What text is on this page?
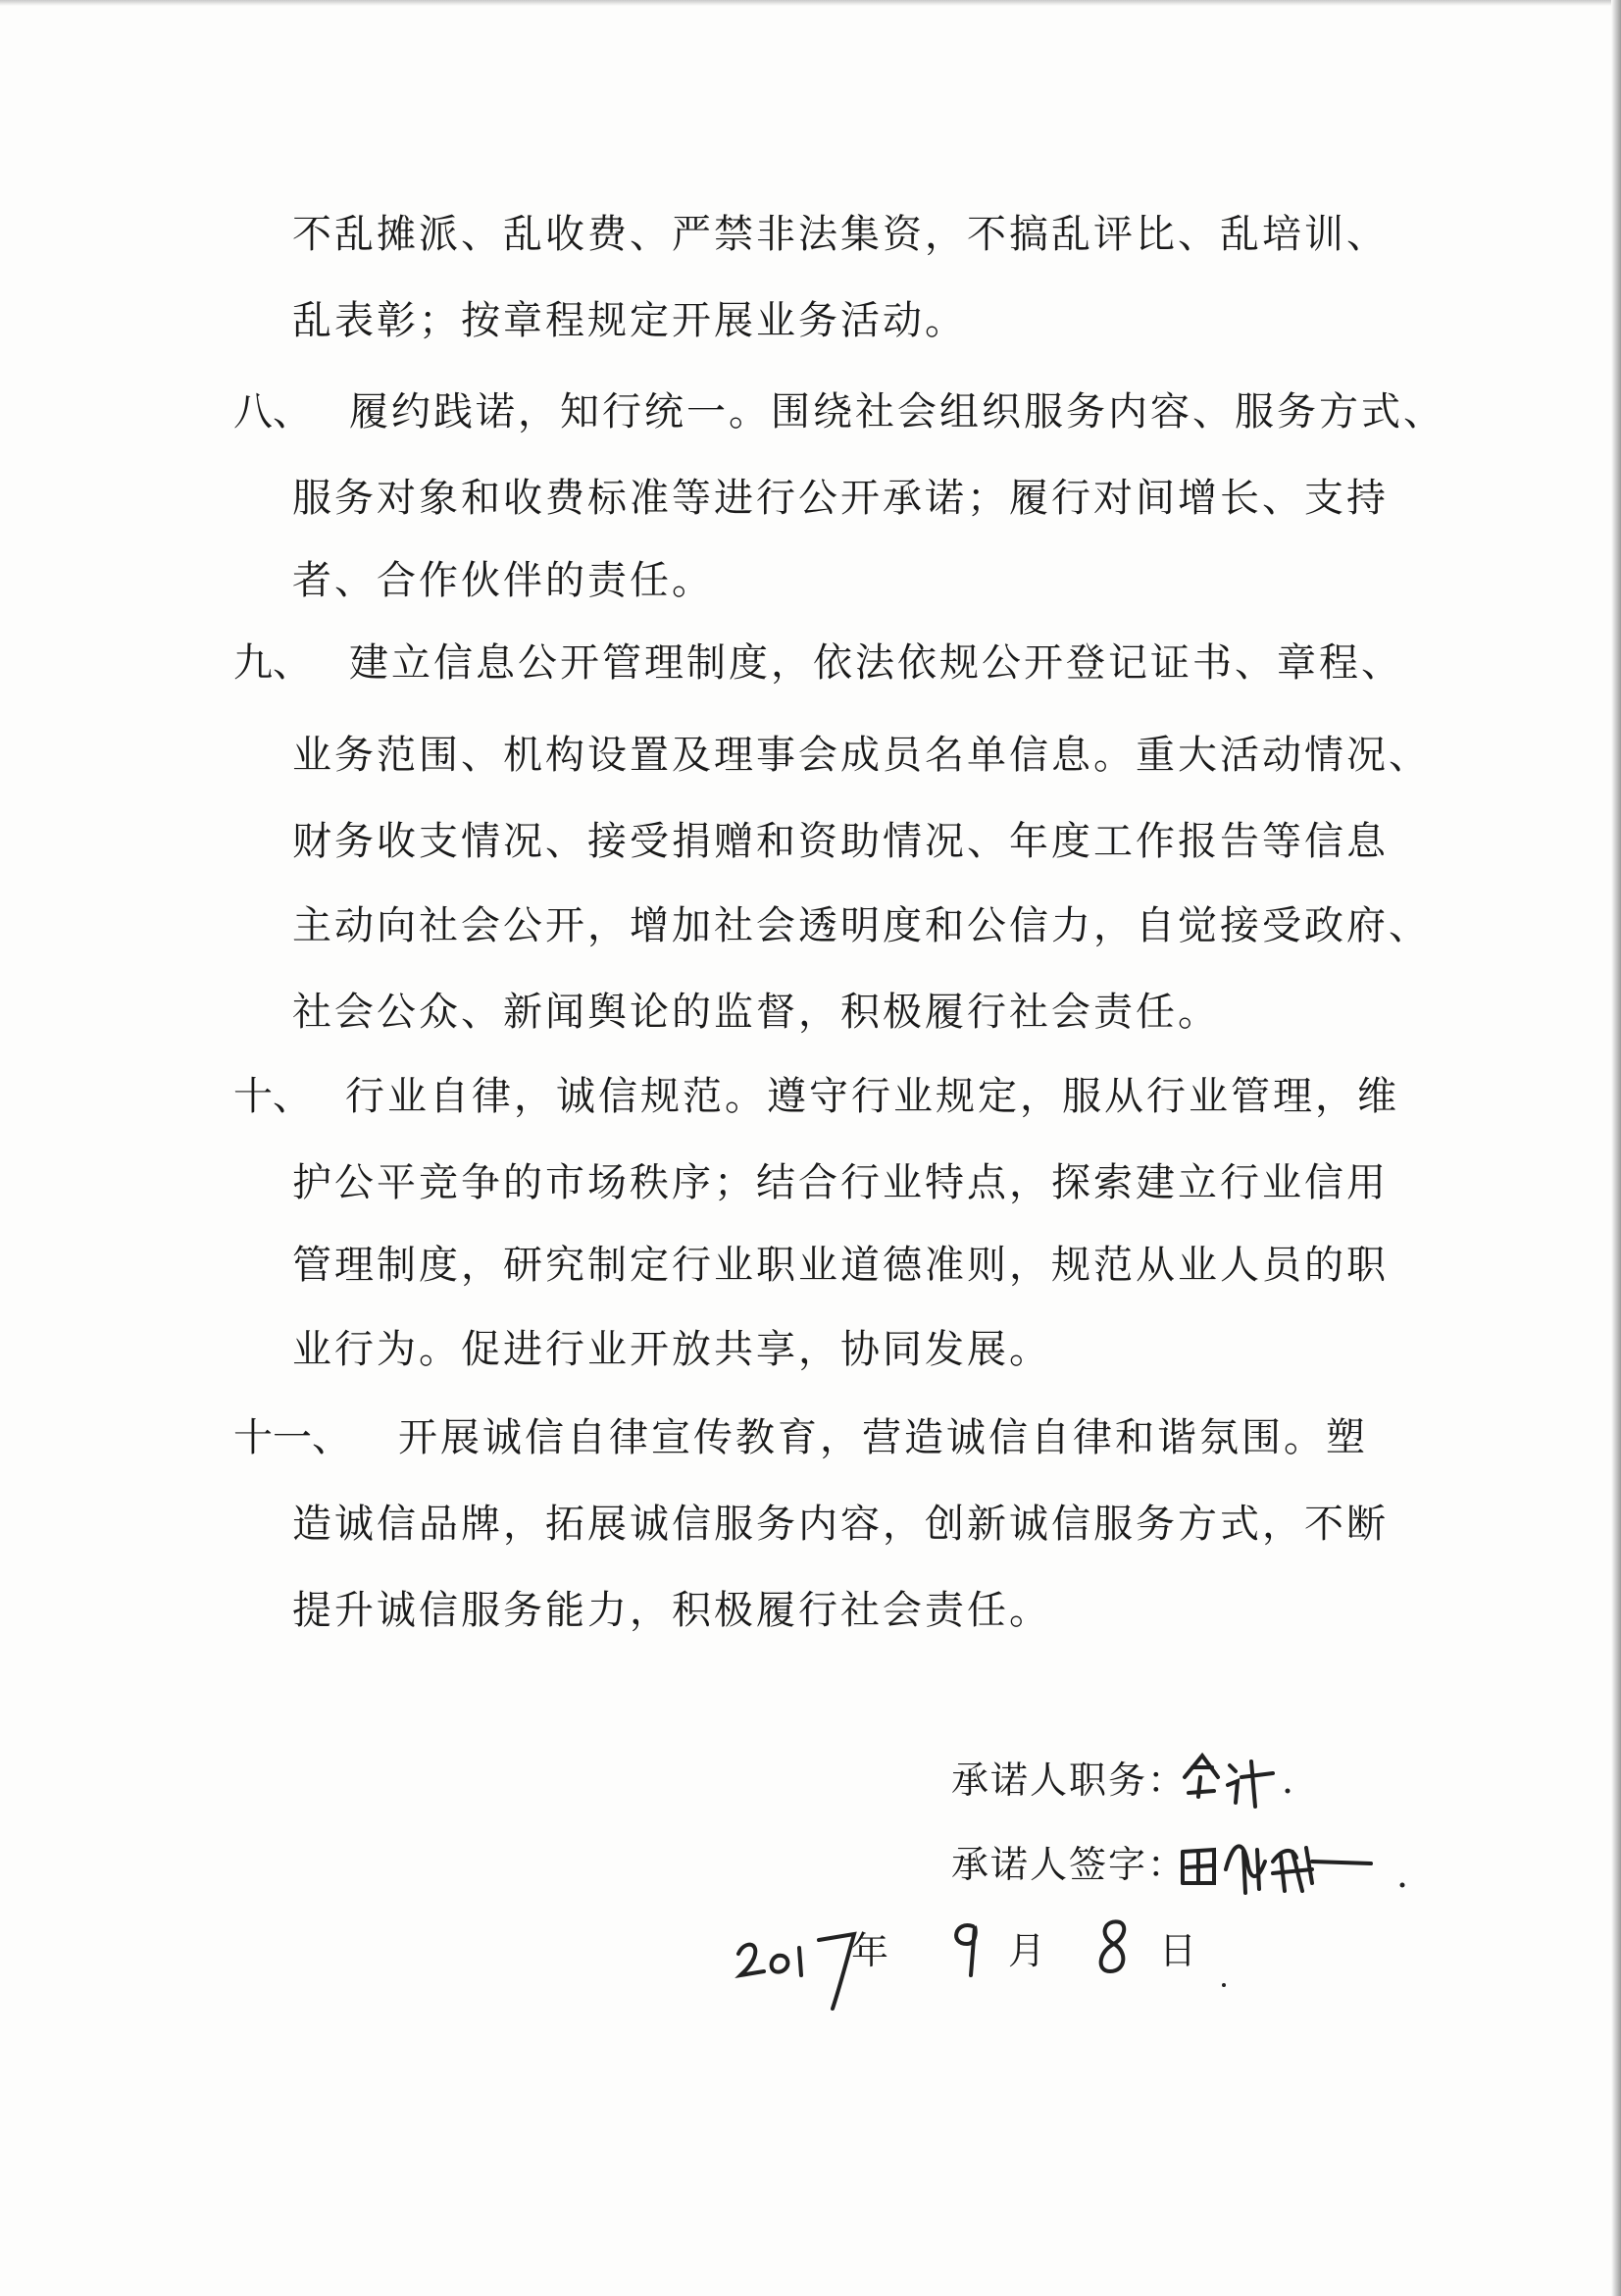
不乱摊派、乱收费、严禁非法集资，不搞乱评比、乱培训、
乱表彰；按章程规定开展业务活动。
八、 履约践诺，知行统一。围绕社会组织服务内容、服务方式、
服务对象和收费标准等进行公开承诺；履行对间增长、支持
者、合作伙伴的责任。
九、 建立信息公开管理制度，依法依规公开登记证书、章程、
业务范围、机构设置及理事会成员名单信息。重大活动情况、
财务收支情况、接受捐赠和资助情况、年度工作报告等信息
主动向社会公开，增加社会透明度和公信力，自觉接受政府、
社会公众、新闻舆论的监督，积极履行社会责任。
十、 行业自律，诚信规范。遵守行业规定，服从行业管理，维
护公平竞争的市场秩序；结合行业特点，探索建立行业信用
管理制度，研究制定行业职业道德准则，规范从业人员的职
业行为。促进行业开放共享，协同发展。
十一、 开展诚信自律宣传教育，营造诚信自律和谐氛围。塑
造诚信品牌，拓展诚信服务内容，创新诚信服务方式，不断
提升诚信服务能力，积极履行社会责任。
承诺人职务：
承诺人签字：
年	月	日
